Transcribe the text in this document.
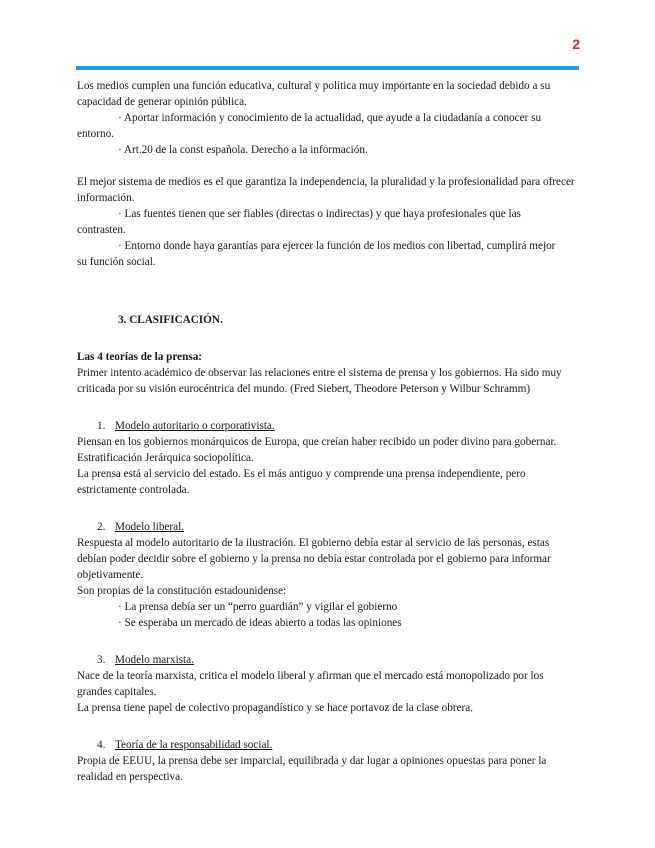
2

Los medios cumplen una función educativa, cultural y política muy importante en la sociedad debido a su capacidad de generar opinión pública.

· Aportar información y conocimiento de la actualidad, que ayude a la ciudadanía a conocer su

entorno.

· Art.20 de la const española. Derecho a la información.

El mejor sistema de medios es el que garantiza la independencia, la pluralidad y la profesionalidad para ofrecer información.

· Las fuentes tienen que ser fiables (directas o indirectas) y que haya profesionales que las

contrasten.

· Entorno donde haya garantías para ejercer la función de los medios con libertad, cumplirá mejor

su función social.

3. CLASIFICACIÓN.

Las 4 teorías de la prensa:

Primer intento académico de observar las relaciones entre el sistema de prensa y los gobiernos. Ha sido muy criticada por su visión eurocéntrica del mundo. (Fred Siebert, Theodore Peterson y Wilbur Schramm)

1. Modelo autoritario o corporativista.

Piensan en los gobiernos monárquicos de Europa, que creían haber recibido un poder divino para gobernar. Estratificación Jerárquica sociopolítica.

La prensa está al servicio del estado. Es el más antiguo y comprende una prensa independiente, pero estrictamente controlada.

2. Modelo liberal.

Respuesta al modelo autoritario de la ilustración. El gobierno debía estar al servicio de las personas, estas debían poder decidir sobre el gobierno y la prensa no debía estar controlada por el gobierno para informar objetivamente.

Son propias de la constitución estadounidense:

· La prensa debía ser un “perro guardián” y vigilar el gobierno

· Se esperaba un mercado de ideas abierto a todas las opiniones

3. Modelo marxista.

Nace de la teoría marxista, critica el modelo liberal y afirman que el mercado está monopolizado por los grandes capitales.

La prensa tiene papel de colectivo propagandístico y se hace portavoz de la clase obrera.

4. Teoría de la responsabilidad social.

Propia de EEUU, la prensa debe ser imparcial, equilibrada y dar lugar a opiniones opuestas para poner la realidad en perspectiva.
